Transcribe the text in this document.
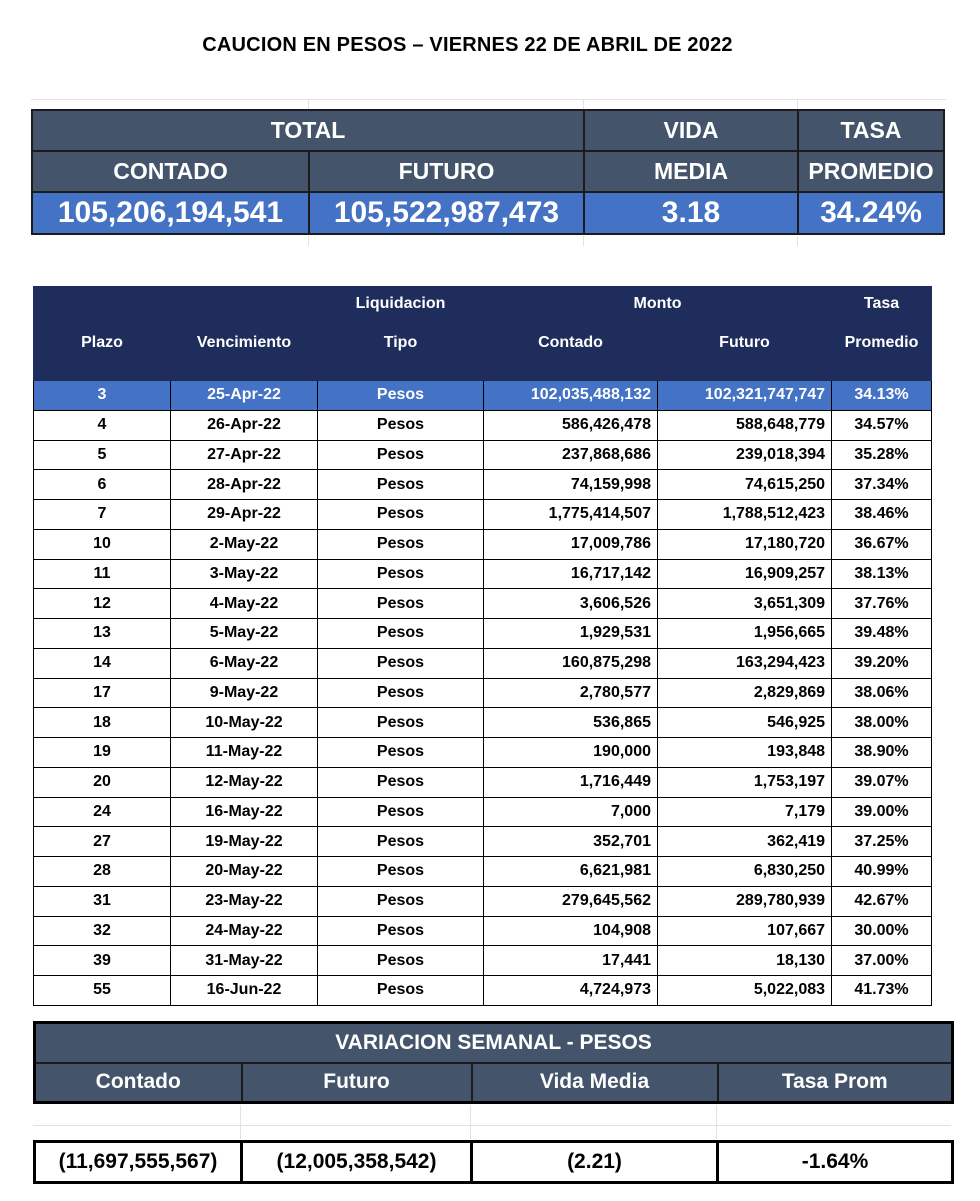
CAUCION EN PESOS – VIERNES 22 DE ABRIL DE 2022
TOTAL		VIDA	TASA
CONTADO	FUTURO	MEDIA	PROMEDIO
105,206,194,541	105,522,987,473	3.18	34.24%
		Liquidacion	Monto		Tasa
Plazo	Vencimiento	Tipo	Contado	Futuro	Promedio
3	25-Apr-22	Pesos	102,035,488,132	102,321,747,747	34.13%
4	26-Apr-22	Pesos	586,426,478	588,648,779	34.57%
5	27-Apr-22	Pesos	237,868,686	239,018,394	35.28%
6	28-Apr-22	Pesos	74,159,998	74,615,250	37.34%
7	29-Apr-22	Pesos	1,775,414,507	1,788,512,423	38.46%
10	2-May-22	Pesos	17,009,786	17,180,720	36.67%
11	3-May-22	Pesos	16,717,142	16,909,257	38.13%
12	4-May-22	Pesos	3,606,526	3,651,309	37.76%
13	5-May-22	Pesos	1,929,531	1,956,665	39.48%
14	6-May-22	Pesos	160,875,298	163,294,423	39.20%
17	9-May-22	Pesos	2,780,577	2,829,869	38.06%
18	10-May-22	Pesos	536,865	546,925	38.00%
19	11-May-22	Pesos	190,000	193,848	38.90%
20	12-May-22	Pesos	1,716,449	1,753,197	39.07%
24	16-May-22	Pesos	7,000	7,179	39.00%
27	19-May-22	Pesos	352,701	362,419	37.25%
28	20-May-22	Pesos	6,621,981	6,830,250	40.99%
31	23-May-22	Pesos	279,645,562	289,780,939	42.67%
32	24-May-22	Pesos	104,908	107,667	30.00%
39	31-May-22	Pesos	17,441	18,130	37.00%
55	16-Jun-22	Pesos	4,724,973	5,022,083	41.73%
VARIACION SEMANAL - PESOS
Contado	Futuro	Vida Media	Tasa Prom
(11,697,555,567)	(12,005,358,542)	(2.21)	-1.64%
